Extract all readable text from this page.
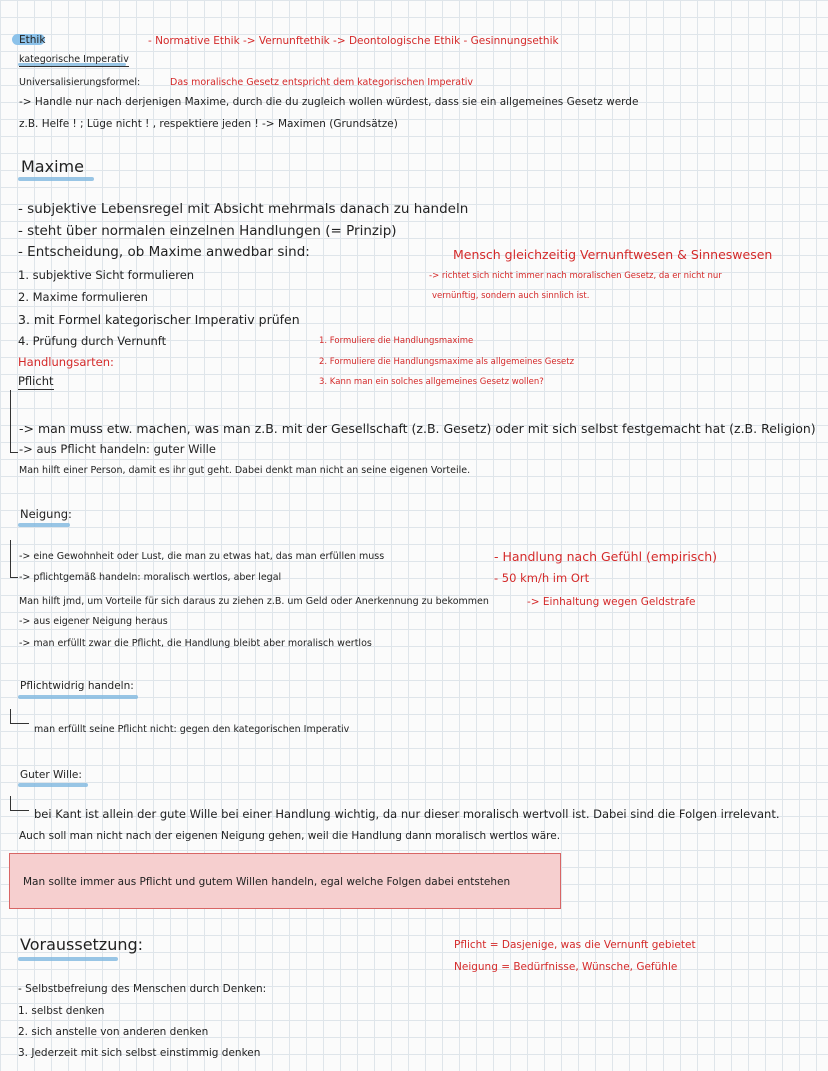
Ethik	- Normative Ethik -> Vernunftethik -> Deontologische Ethik - Gesinnungsethik
kategorische Imperativ
Universalisierungsformel:	Das moralische Gesetz entspricht dem kategorischen Imperativ
-> Handle nur nach derjenigen Maxime, durch die du zugleich wollen würdest, dass sie ein allgemeines Gesetz werde
z.B. Helfe ! ; Lüge nicht ! , respektiere jeden ! -> Maximen (Grundsätze)
Maxime
- subjektive Lebensregel mit Absicht mehrmals danach zu handeln
- steht über normalen einzelnen Handlungen (= Prinzip)
- Entscheidung, ob Maxime anwedbar sind:
1. subjektive Sicht formulieren
2. Maxime formulieren
3. mit Formel kategorischer Imperativ prüfen
4. Prüfung durch Vernunft
Mensch gleichzeitig Vernunftwesen & Sinneswesen
-> richtet sich nicht immer nach moralischen Gesetz, da er nicht nur
vernünftig, sondern auch sinnlich ist.
1. Formuliere die Handlungsmaxime
2. Formuliere die Handlungsmaxime als allgemeines Gesetz
3. Kann man ein solches allgemeines Gesetz wollen?
Handlungsarten:
Pflicht
-> man muss etw. machen, was man z.B. mit der Gesellschaft (z.B. Gesetz) oder mit sich selbst festgemacht hat (z.B. Religion)
-> aus Pflicht handeln: guter Wille
Man hilft einer Person, damit es ihr gut geht. Dabei denkt man nicht an seine eigenen Vorteile.
Neigung:
-> eine Gewohnheit oder Lust, die man zu etwas hat, das man erfüllen muss
-> pflichtgemäß handeln: moralisch wertlos, aber legal
Man hilft jmd, um Vorteile für sich daraus zu ziehen z.B. um Geld oder Anerkennung zu bekommen
-> aus eigener Neigung heraus
-> man erfüllt zwar die Pflicht, die Handlung bleibt aber moralisch wertlos
- Handlung nach Gefühl (empirisch)
- 50 km/h im Ort
-> Einhaltung wegen Geldstrafe
Pflichtwidrig handeln:
man erfüllt seine Pflicht nicht: gegen den kategorischen Imperativ
Guter Wille:
bei Kant ist allein der gute Wille bei einer Handlung wichtig, da nur dieser moralisch wertvoll ist. Dabei sind die Folgen irrelevant.
Auch soll man nicht nach der eigenen Neigung gehen, weil die Handlung dann moralisch wertlos wäre.
Man sollte immer aus Pflicht und gutem Willen handeln, egal welche Folgen dabei entstehen
Voraussetzung:	Pflicht = Dasjenige, was die Vernunft gebietet
Neigung = Bedürfnisse, Wünsche, Gefühle
- Selbstbefreiung des Menschen durch Denken:
1. selbst denken
2. sich anstelle von anderen denken
3. Jederzeit mit sich selbst einstimmig denken
